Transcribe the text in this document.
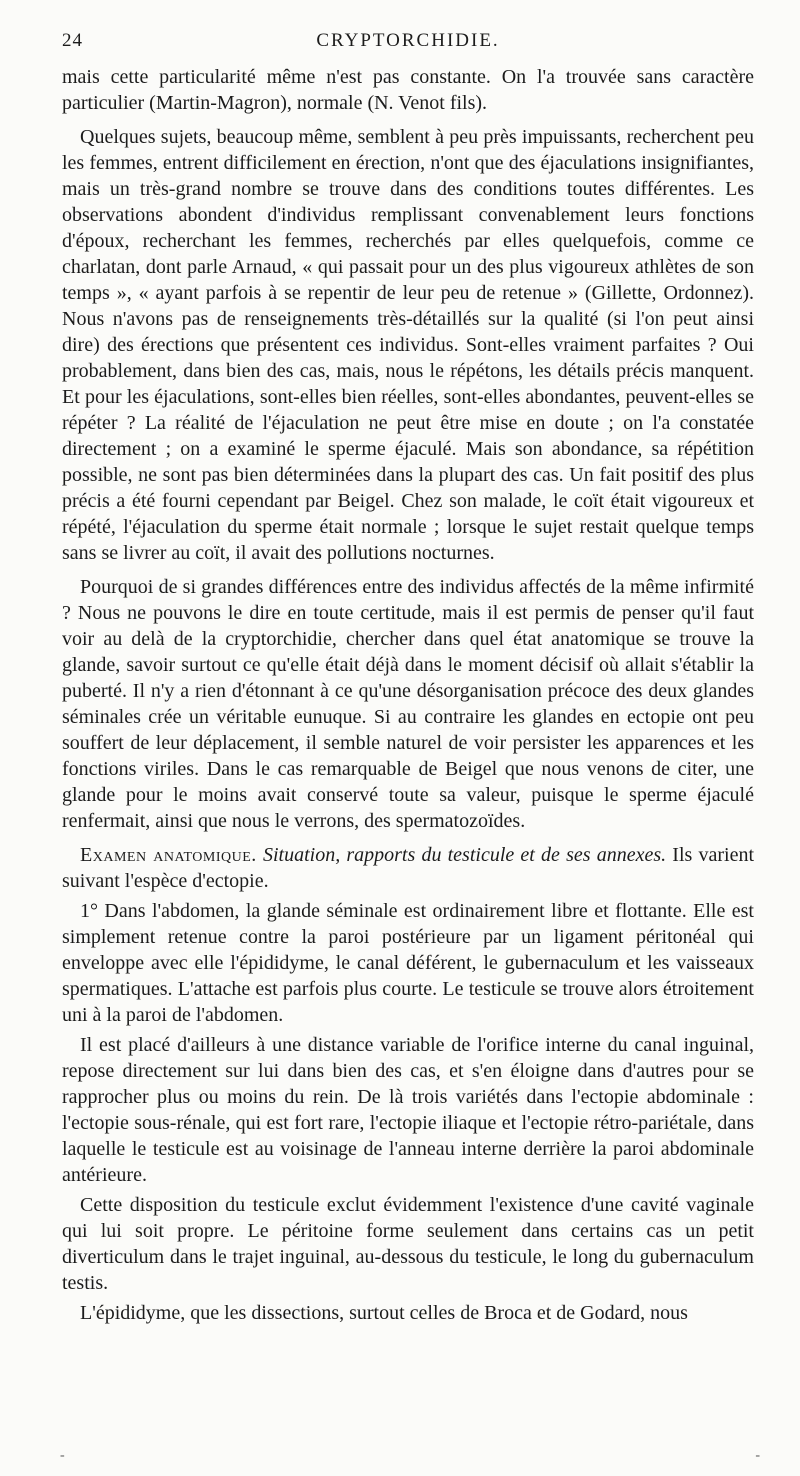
24	CRYPTORCHIDIE.

mais cette particularité même n'est pas constante. On l'a trouvée sans caractère particulier (Martin-Magron), normale (N. Venot fils).

Quelques sujets, beaucoup même, semblent à peu près impuissants, recherchent peu les femmes, entrent difficilement en érection, n'ont que des éjaculations insignifiantes, mais un très-grand nombre se trouve dans des conditions toutes différentes. Les observations abondent d'individus remplissant convenablement leurs fonctions d'époux, recherchant les femmes, recherchés par elles quelquefois, comme ce charlatan, dont parle Arnaud, « qui passait pour un des plus vigoureux athlètes de son temps », « ayant parfois à se repentir de leur peu de retenue » (Gillette, Ordonnez). Nous n'avons pas de renseignements très-détaillés sur la qualité (si l'on peut ainsi dire) des érections que présentent ces individus. Sont-elles vraiment parfaites ? Oui probablement, dans bien des cas, mais, nous le répétons, les détails précis manquent. Et pour les éjaculations, sont-elles bien réelles, sont-elles abondantes, peuvent-elles se répéter ? La réalité de l'éjaculation ne peut être mise en doute ; on l'a constatée directement ; on a examiné le sperme éjaculé. Mais son abondance, sa répétition possible, ne sont pas bien déterminées dans la plupart des cas. Un fait positif des plus précis a été fourni cependant par Beigel. Chez son malade, le coït était vigoureux et répété, l'éjaculation du sperme était normale ; lorsque le sujet restait quelque temps sans se livrer au coït, il avait des pollutions nocturnes.

Pourquoi de si grandes différences entre des individus affectés de la même infirmité ? Nous ne pouvons le dire en toute certitude, mais il est permis de penser qu'il faut voir au delà de la cryptorchidie, chercher dans quel état anatomique se trouve la glande, savoir surtout ce qu'elle était déjà dans le moment décisif où allait s'établir la puberté. Il n'y a rien d'étonnant à ce qu'une désorganisation précoce des deux glandes séminales crée un véritable eunuque. Si au contraire les glandes en ectopie ont peu souffert de leur déplacement, il semble naturel de voir persister les apparences et les fonctions viriles. Dans le cas remarquable de Beigel que nous venons de citer, une glande pour le moins avait conservé toute sa valeur, puisque le sperme éjaculé renfermait, ainsi que nous le verrons, des spermatozoïdes.

Examen anatomique. Situation, rapports du testicule et de ses annexes. Ils varient suivant l'espèce d'ectopie.

1° Dans l'abdomen, la glande séminale est ordinairement libre et flottante. Elle est simplement retenue contre la paroi postérieure par un ligament péritonéal qui enveloppe avec elle l'épididyme, le canal déférent, le gubernaculum et les vaisseaux spermatiques. L'attache est parfois plus courte. Le testicule se trouve alors étroitement uni à la paroi de l'abdomen.

Il est placé d'ailleurs à une distance variable de l'orifice interne du canal inguinal, repose directement sur lui dans bien des cas, et s'en éloigne dans d'autres pour se rapprocher plus ou moins du rein. De là trois variétés dans l'ectopie abdominale : l'ectopie sous-rénale, qui est fort rare, l'ectopie iliaque et l'ectopie rétro-pariétale, dans laquelle le testicule est au voisinage de l'anneau interne derrière la paroi abdominale antérieure.

Cette disposition du testicule exclut évidemment l'existence d'une cavité vaginale qui lui soit propre. Le péritoine forme seulement dans certains cas un petit diverticulum dans le trajet inguinal, au-dessous du testicule, le long du gubernaculum testis.

L'épididyme, que les dissections, surtout celles de Broca et de Godard, nous

-	-
